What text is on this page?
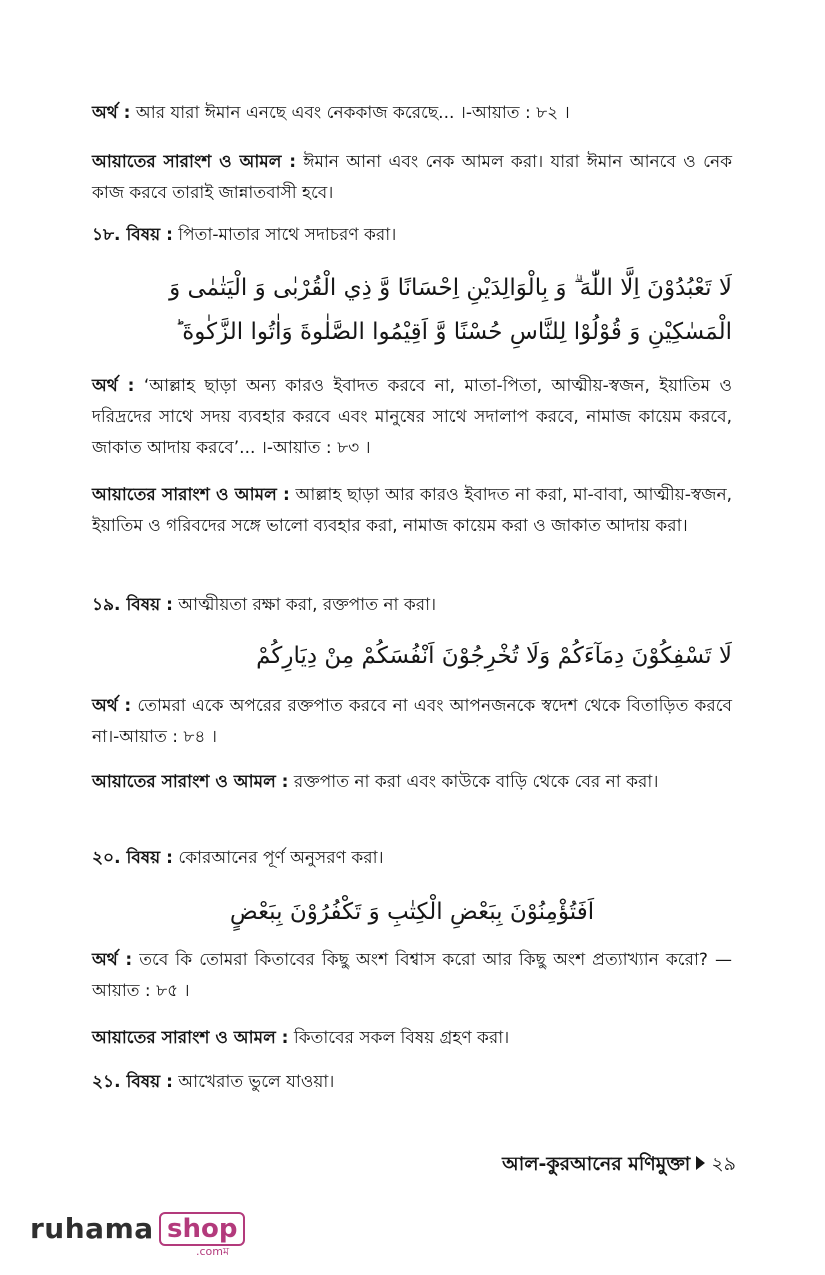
অর্থ : আর যারা ঈমান এনছে এবং নেককাজ করেছে... ।-আয়াত : ৮২ ।

আয়াতের সারাংশ ও আমল : ঈমান আনা এবং নেক আমল করা। যারা ঈমান আনবে ও নেক কাজ করবে তারাই জান্নাতবাসী হবে।

১৮. বিষয় : পিতা-মাতার সাথে সদাচরণ করা।

لَا تَعْبُدُوْنَ اِلَّا اللّٰهَ ۗ وَ بِالْوَالِدَيْنِ اِحْسَانًا وَّ ذِي الْقُرْبٰى وَ الْيَتٰمٰى وَ الْمَسٰكِيْنِ وَ قُوْلُوْا لِلنَّاسِ حُسْنًا وَّ اَقِيْمُوا الصَّلٰوةَ وَاٰتُوا الزَّكٰوةَ ؕ

অর্থ : ‘আল্লাহ ছাড়া অন্য কারও ইবাদত করবে না, মাতা-পিতা, আত্মীয়-স্বজন, ইয়াতিম ও দরিদ্রদের সাথে সদয় ব্যবহার করবে এবং মানুষের সাথে সদালাপ করবে, নামাজ কায়েম করবে, জাকাত আদায় করবে’... ।-আয়াত : ৮৩ ।

আয়াতের সারাংশ ও আমল : আল্লাহ ছাড়া আর কারও ইবাদত না করা, মা-বাবা, আত্মীয়-স্বজন, ইয়াতিম ও গরিবদের সঙ্গে ভালো ব্যবহার করা, নামাজ কায়েম করা ও জাকাত আদায় করা।

১৯. বিষয় : আত্মীয়তা রক্ষা করা, রক্তপাত না করা।

لَا تَسْفِكُوْنَ دِمَآءَكُمْ وَلَا تُخْرِجُوْنَ اَنْفُسَكُمْ مِنْ دِيَارِكُمْ

অর্থ : তোমরা একে অপরের রক্তপাত করবে না এবং আপনজনকে স্বদেশ থেকে বিতাড়িত করবে না।-আয়াত : ৮৪ ।

আয়াতের সারাংশ ও আমল : রক্তপাত না করা এবং কাউকে বাড়ি থেকে বের না করা।

২০. বিষয় : কোরআনের পূর্ণ অনুসরণ করা।

اَفَتُؤْمِنُوْنَ بِبَعْضِ الْكِتٰبِ وَ تَكْفُرُوْنَ بِبَعْضٍ

অর্থ : তবে কি তোমরা কিতাবের কিছু অংশ বিশ্বাস করো আর কিছু অংশ প্রত্যাখ্যান করো? —আয়াত : ৮৫ ।

আয়াতের সারাংশ ও আমল : কিতাবের সকল বিষয় গ্রহণ করা।

২১. বিষয় : আখেরাত ভুলে যাওয়া।

আল-কুরআনের মণিমুক্তা ২৯
ruhama shop
.comম
